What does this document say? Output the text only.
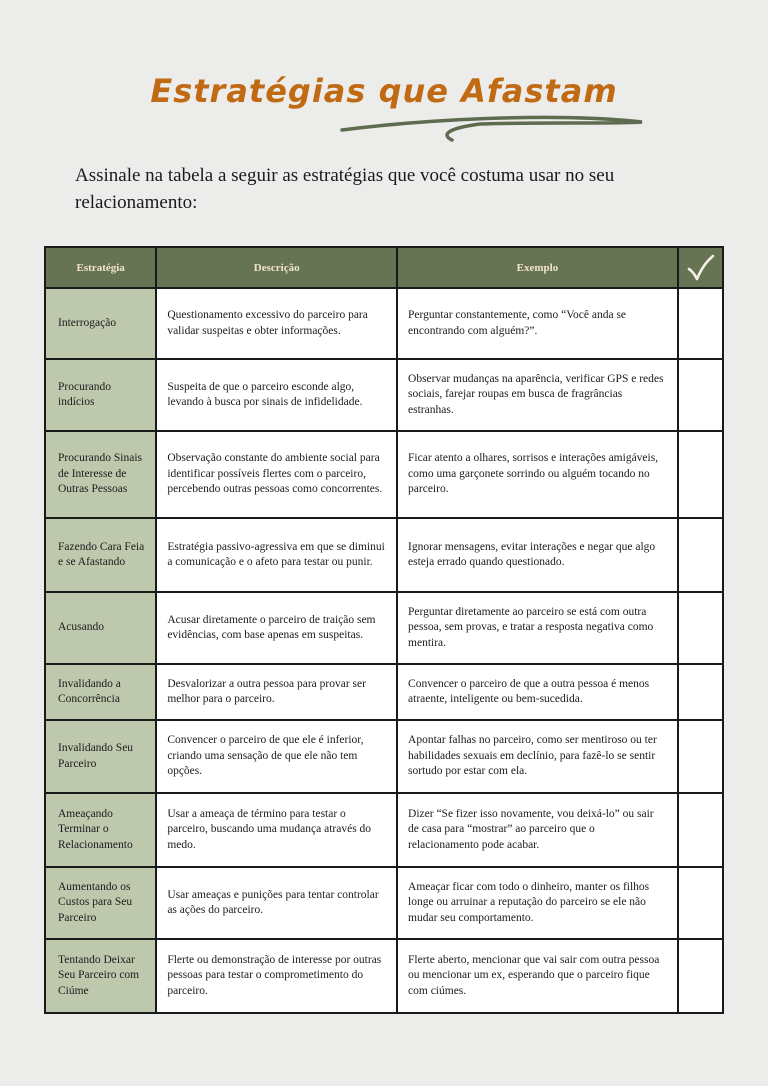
Estratégias que Afastam
Assinale na tabela a seguir as estratégias que você costuma usar no seu relacionamento:
Estratégia	Descrição	Exemplo	

Interrogação	Questionamento excessivo do parceiro para validar suspeitas e obter informações.	Perguntar constantemente, como “Você anda se encontrando com alguém?”.	
Procurando indícios	Suspeita de que o parceiro esconde algo, levando à busca por sinais de infidelidade.	Observar mudanças na aparência, verificar GPS e redes sociais, farejar roupas em busca de fragrâncias estranhas.	
Procurando Sinais de Interesse de Outras Pessoas	Observação constante do ambiente social para identificar possíveis flertes com o parceiro, percebendo outras pessoas como concorrentes.	Ficar atento a olhares, sorrisos e interações amigáveis, como uma garçonete sorrindo ou alguém tocando no parceiro.	
Fazendo Cara Feia e se Afastando	Estratégia passivo-agressiva em que se diminui a comunicação e o afeto para testar ou punir.	Ignorar mensagens, evitar interações e negar que algo esteja errado quando questionado.	
Acusando	Acusar diretamente o parceiro de traição sem evidências, com base apenas em suspeitas.	Perguntar diretamente ao parceiro se está com outra pessoa, sem provas, e tratar a resposta negativa como mentira.	
Invalidando a Concorrência	Desvalorizar a outra pessoa para provar ser melhor para o parceiro.	Convencer o parceiro de que a outra pessoa é menos atraente, inteligente ou bem-sucedida.	
Invalidando Seu Parceiro	Convencer o parceiro de que ele é inferior, criando uma sensação de que ele não tem opções.	Apontar falhas no parceiro, como ser mentiroso ou ter habilidades sexuais em declínio, para fazê-lo se sentir sortudo por estar com ela.	
Ameaçando Terminar o Relacionamento	Usar a ameaça de término para testar o parceiro, buscando uma mudança através do medo.	Dizer “Se fizer isso novamente, vou deixá-lo” ou sair de casa para “mostrar” ao parceiro que o relacionamento pode acabar.	
Aumentando os Custos para Seu Parceiro	Usar ameaças e punições para tentar controlar as ações do parceiro.	Ameaçar ficar com todo o dinheiro, manter os filhos longe ou arruinar a reputação do parceiro se ele não mudar seu comportamento.	
Tentando Deixar Seu Parceiro com Ciúme	Flerte ou demonstração de interesse por outras pessoas para testar o comprometimento do parceiro.	Flerte aberto, mencionar que vai sair com outra pessoa ou mencionar um ex, esperando que o parceiro fique com ciúmes.	
